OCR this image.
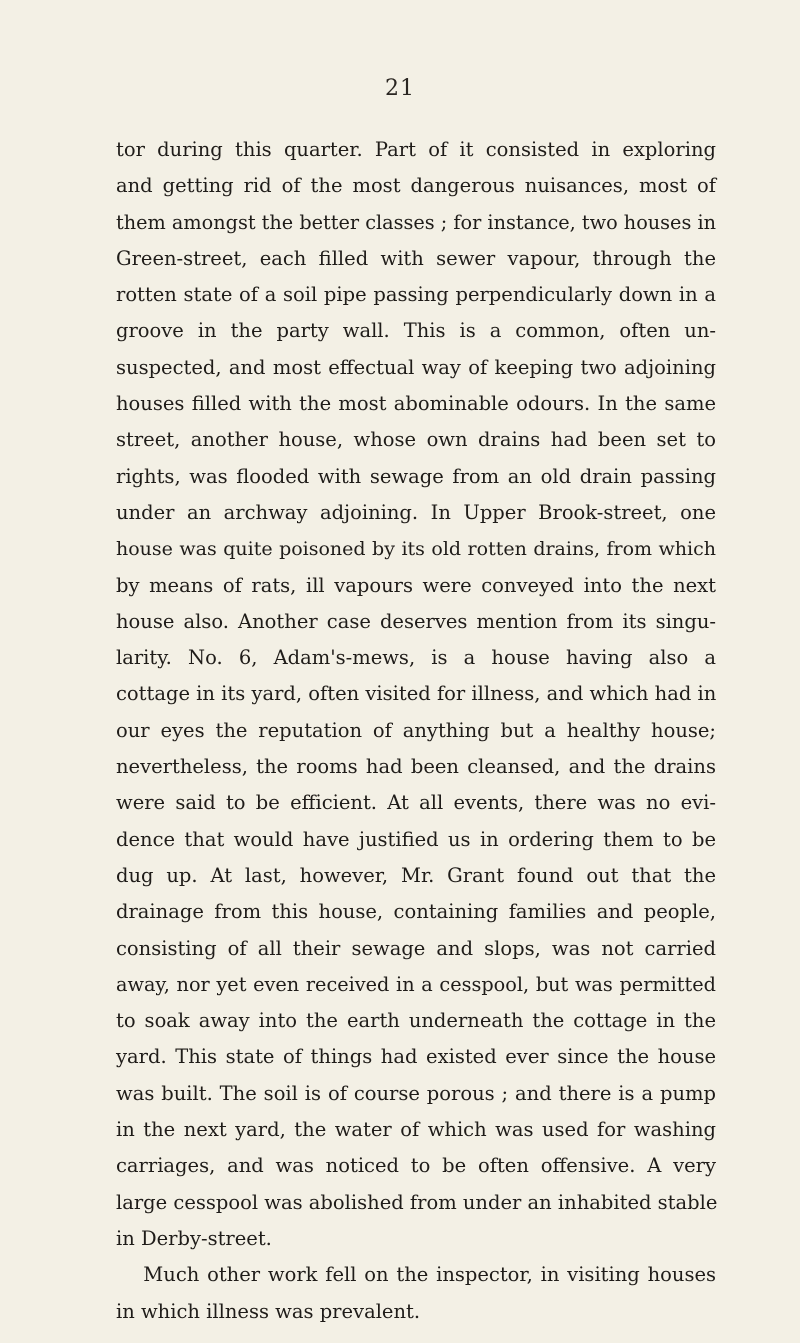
21
tor during this quarter. Part of it consisted in exploring
and getting rid of the most dangerous nuisances, most of
them amongst the better classes ; for instance, two houses in
Green-street, each filled with sewer vapour, through the
rotten state of a soil pipe passing perpendicularly down in a
groove in the party wall. This is a common, often un-
suspected, and most effectual way of keeping two adjoining
houses filled with the most abominable odours. In the same
street, another house, whose own drains had been set to
rights, was flooded with sewage from an old drain passing
under an archway adjoining. In Upper Brook-street, one
house was quite poisoned by its old rotten drains, from which
by means of rats, ill vapours were conveyed into the next
house also. Another case deserves mention from its singu-
larity. No. 6, Adam's-mews, is a house having also a
cottage in its yard, often visited for illness, and which had in
our eyes the reputation of anything but a healthy house;
nevertheless, the rooms had been cleansed, and the drains
were said to be efficient. At all events, there was no evi-
dence that would have justified us in ordering them to be
dug up. At last, however, Mr. Grant found out that the
drainage from this house, containing families and people,
consisting of all their sewage and slops, was not carried
away, nor yet even received in a cesspool, but was permitted
to soak away into the earth underneath the cottage in the
yard. This state of things had existed ever since the house
was built. The soil is of course porous ; and there is a pump
in the next yard, the water of which was used for washing
carriages, and was noticed to be often offensive. A very
large cesspool was abolished from under an inhabited stable
in Derby-street.
Much other work fell on the inspector, in visiting houses
in which illness was prevalent.
